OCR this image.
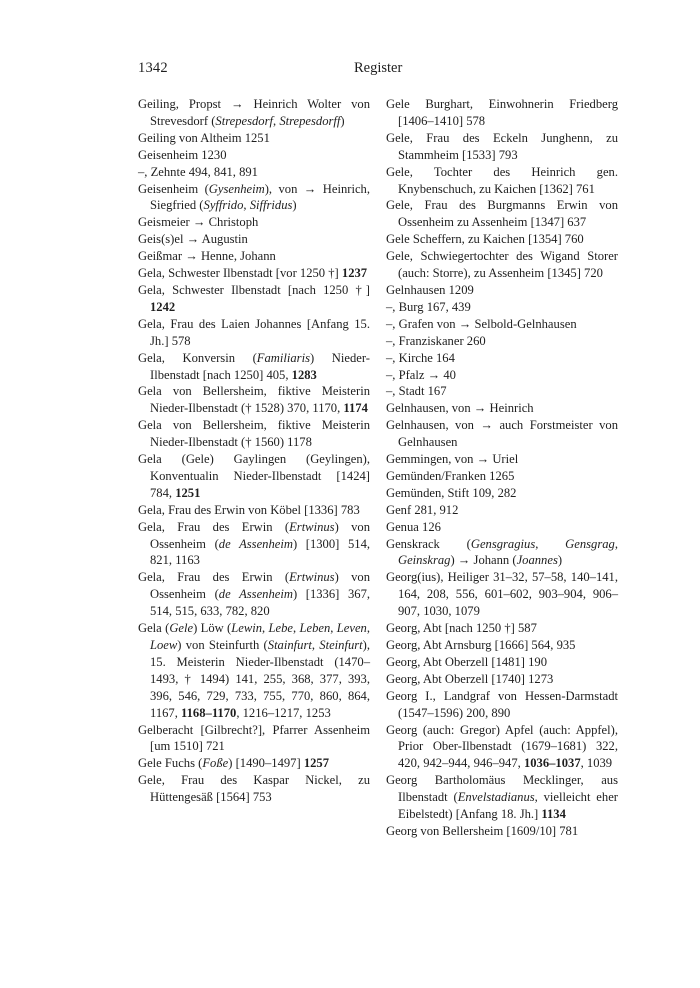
1342	Register

Geiling, Propst → Heinrich Wolter von Strevesdorf (Strepesdorf, Strepesdorff)

Geiling von Altheim 1251

Geisenheim 1230

–, Zehnte 494, 841, 891

Geisenheim (Gysenheim), von → Heinrich, Siegfried (Syffrido, Siffridus)

Geismeier → Christoph

Geis(s)el → Augustin

Geißmar → Henne, Johann

Gela, Schwester Ilbenstadt [vor 1250 †] 1237

Gela, Schwester Ilbenstadt [nach 1250 †] 1242

Gela, Frau des Laien Johannes [Anfang 15. Jh.] 578

Gela, Konversin (Familiaris) Nieder-Ilbenstadt [nach 1250] 405, 1283

Gela von Bellersheim, fiktive Meisterin Nieder-Ilbenstadt († 1528) 370, 1170, 1174

Gela von Bellersheim, fiktive Meisterin Nieder-Ilbenstadt († 1560) 1178

Gela (Gele) Gaylingen (Geylingen), Konventualin Nieder-Ilbenstadt [1424] 784, 1251

Gela, Frau des Erwin von Köbel [1336] 783

Gela, Frau des Erwin (Ertwinus) von Ossenheim (de Assenheim) [1300] 514, 821, 1163

Gela, Frau des Erwin (Ertwinus) von Ossenheim (de Assenheim) [1336] 367, 514, 515, 633, 782, 820

Gela (Gele) Löw (Lewin, Lebe, Leben, Leven, Loew) von Steinfurth (Stainfurt, Steinfurt), 15. Meisterin Nieder-Ilbenstadt (1470–1493, † 1494) 141, 255, 368, 377, 393, 396, 546, 729, 733, 755, 770, 860, 864, 1167, 1168–1170, 1216–1217, 1253

Gelberacht [Gilbrecht?], Pfarrer Assenheim [um 1510] 721

Gele Fuchs (Foße) [1490–1497] 1257

Gele, Frau des Kaspar Nickel, zu Hüttengesäß [1564] 753

Gele Burghart, Einwohnerin Friedberg [1406–1410] 578

Gele, Frau des Eckeln Junghenn, zu Stammheim [1533] 793

Gele, Tochter des Heinrich gen. Knybenschuch, zu Kaichen [1362] 761

Gele, Frau des Burgmanns Erwin von Ossenheim zu Assenheim [1347] 637

Gele Scheffern, zu Kaichen [1354] 760

Gele, Schwiegertochter des Wigand Storer (auch: Storre), zu Assenheim [1345] 720

Gelnhausen 1209

–, Burg 167, 439

–, Grafen von → Selbold-Gelnhausen

–, Franziskaner 260

–, Kirche 164

–, Pfalz → 40

–, Stadt 167

Gelnhausen, von → Heinrich

Gelnhausen, von → auch Forstmeister von Gelnhausen

Gemmingen, von → Uriel

Gemünden/Franken 1265

Gemünden, Stift 109, 282

Genf 281, 912

Genua 126

Genskrack (Gensgragius, Gensgrag, Geinskrag) → Johann (Joannes)

Georg(ius), Heiliger 31–32, 57–58, 140–141, 164, 208, 556, 601–602, 903–904, 906–907, 1030, 1079

Georg, Abt [nach 1250 †] 587

Georg, Abt Arnsburg [1666] 564, 935

Georg, Abt Oberzell [1481] 190

Georg, Abt Oberzell [1740] 1273

Georg I., Landgraf von Hessen-Darmstadt (1547–1596) 200, 890

Georg (auch: Gregor) Apfel (auch: Appfel), Prior Ober-Ilbenstadt (1679–1681) 322, 420, 942–944, 946–947, 1036–1037, 1039

Georg Bartholomäus Mecklinger, aus Ilbenstadt (Envelstadianus, vielleicht eher Eibelstedt) [Anfang 18. Jh.] 1134

Georg von Bellersheim [1609/10] 781
